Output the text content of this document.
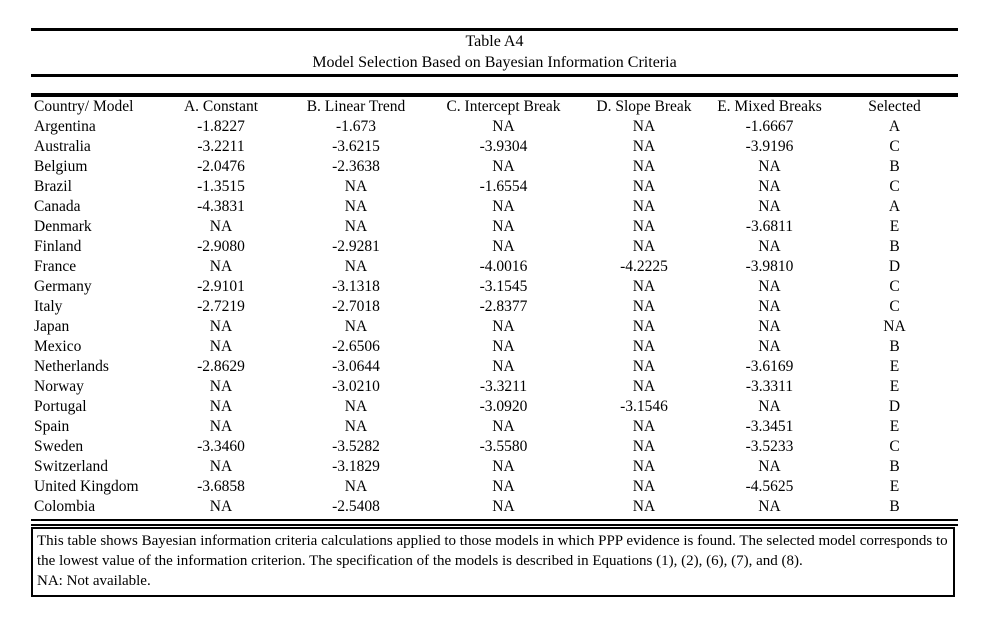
Table A4
Model Selection Based on Bayesian Information Criteria
Country/ Model	A. Constant	B. Linear Trend	C. Intercept Break	D. Slope Break	E. Mixed Breaks	Selected
Argentina	-1.8227	-1.673	NA	NA	-1.6667	A
Australia	-3.2211	-3.6215	-3.9304	NA	-3.9196	C
Belgium	-2.0476	-2.3638	NA	NA	NA	B
Brazil	-1.3515	NA	-1.6554	NA	NA	C
Canada	-4.3831	NA	NA	NA	NA	A
Denmark	NA	NA	NA	NA	-3.6811	E
Finland	-2.9080	-2.9281	NA	NA	NA	B
France	NA	NA	-4.0016	-4.2225	-3.9810	D
Germany	-2.9101	-3.1318	-3.1545	NA	NA	C
Italy	-2.7219	-2.7018	-2.8377	NA	NA	C
Japan	NA	NA	NA	NA	NA	NA
Mexico	NA	-2.6506	NA	NA	NA	B
Netherlands	-2.8629	-3.0644	NA	NA	-3.6169	E
Norway	NA	-3.0210	-3.3211	NA	-3.3311	E
Portugal	NA	NA	-3.0920	-3.1546	NA	D
Spain	NA	NA	NA	NA	-3.3451	E
Sweden	-3.3460	-3.5282	-3.5580	NA	-3.5233	C
Switzerland	NA	-3.1829	NA	NA	NA	B
United Kingdom	-3.6858	NA	NA	NA	-4.5625	E
Colombia	NA	-2.5408	NA	NA	NA	B

This table shows Bayesian information criteria calculations applied to those models in which PPP evidence is found. The selected model corresponds to the lowest value of the information criterion. The specification of the models is described in Equations (1), (2), (6), (7), and (8).

NA: Not available.
